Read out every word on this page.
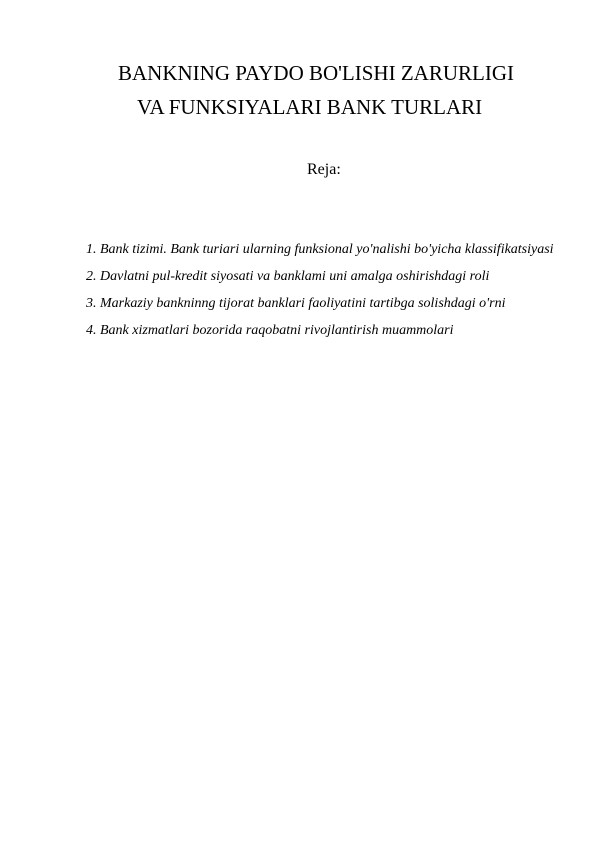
BANKNING PAYDO BO'LISHI ZARURLIGI
VA FUNKSIYALARI BANK TURLARI
Reja:
1. Bank tizimi. Bank turiari ularning funksional yo'nalishi bo'yicha klassifikatsiyasi
2. Davlatni pul-kredit siyosati va banklami uni amalga oshirishdagi roli
3. Markaziy bankninng tijorat banklari faoliyatini tartibga solishdagi o'rni
4. Bank xizmatlari bozorida raqobatni rivojlantirish muammolari
